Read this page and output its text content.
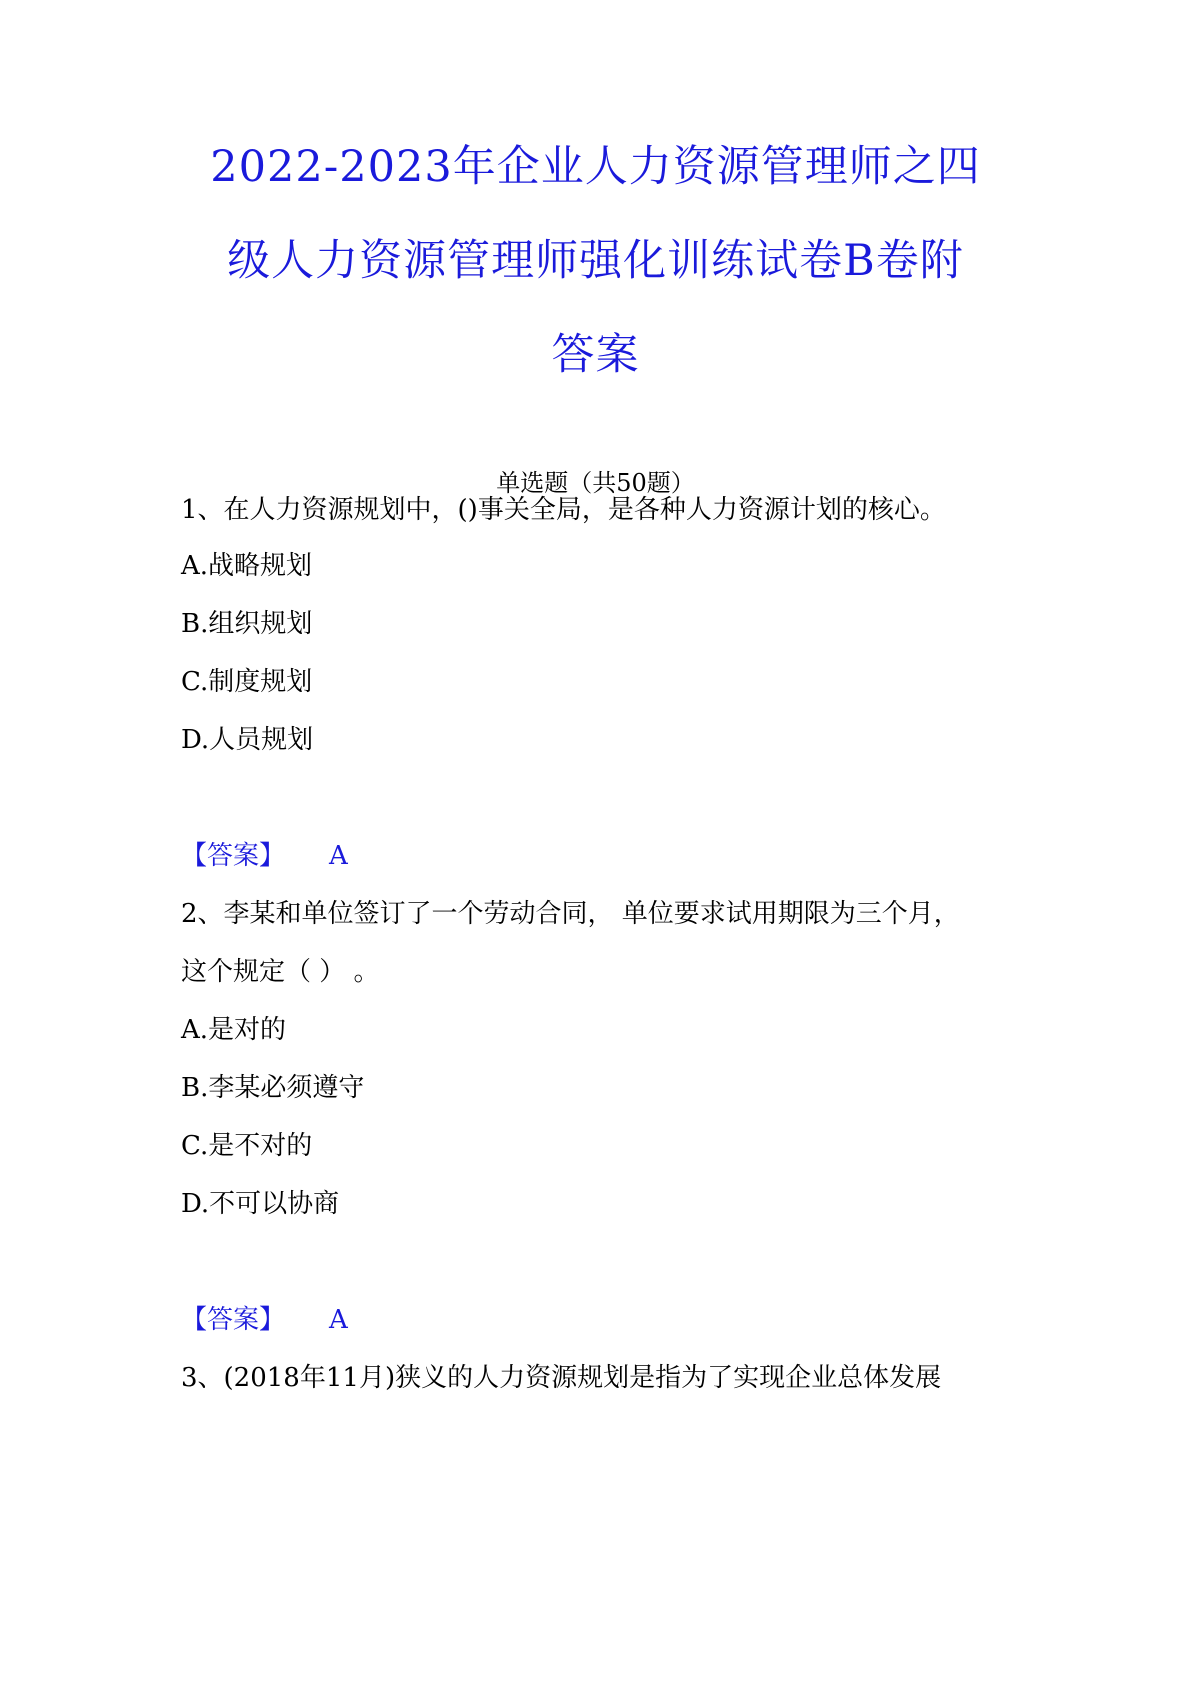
2022-2023年企业人力资源管理师之四
级人力资源管理师强化训练试卷B卷附
答案
单选题（共50题）
1、在人力资源规划中，()事关全局，是各种人力资源计划的核心。
A.战略规划
B.组织规划
C.制度规划
D.人员规划
【答案】 A
2、李某和单位签订了一个劳动合同， 单位要求试用期限为三个月，
这个规定（ ） 。
A.是对的
B.李某必须遵守
C.是不对的
D.不可以协商
【答案】 A
3、(2018年11月)狭义的人力资源规划是指为了实现企业总体发展
